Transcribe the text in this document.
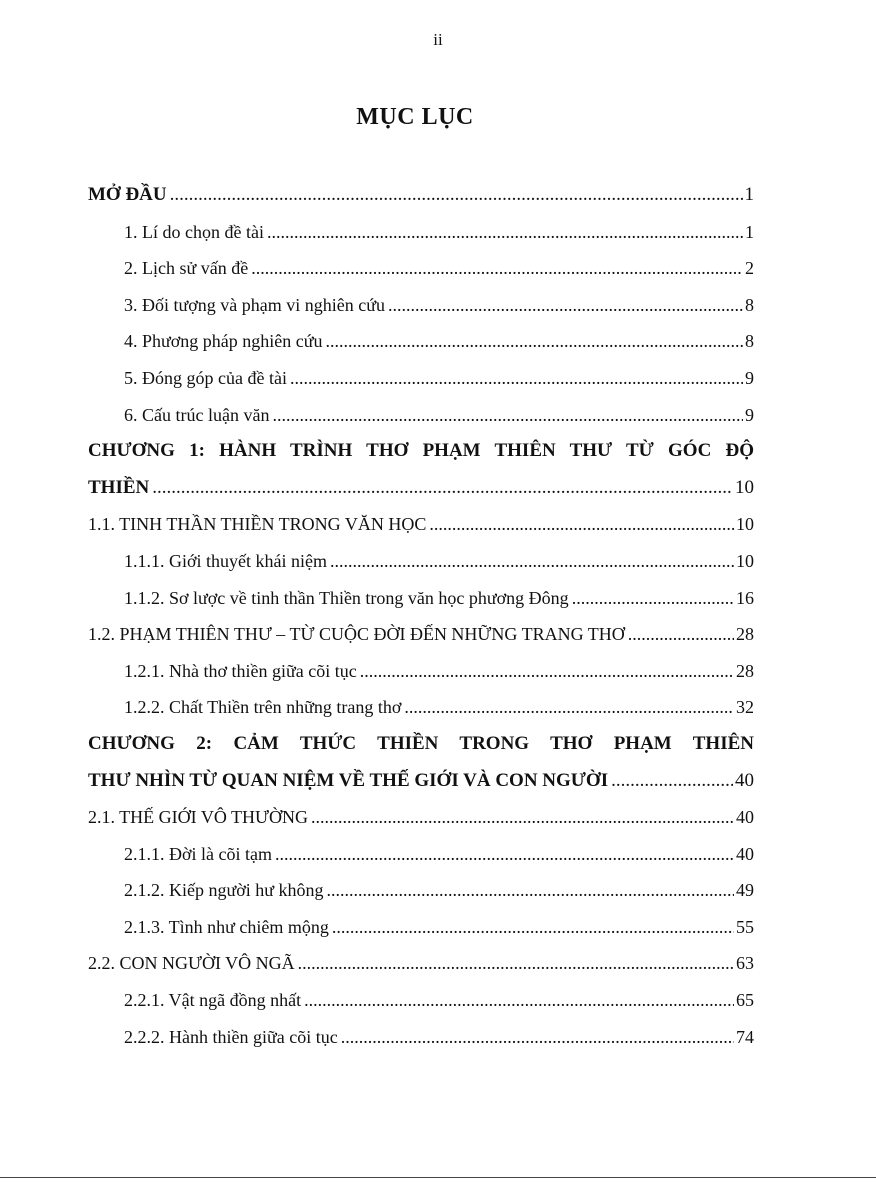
ii
MỤC LỤC
MỞ ĐẦU .....	1
1. Lí do chọn đề tài .....	1
2. Lịch sử vấn đề .....	2
3. Đối tượng và phạm vi nghiên cứu .....	8
4. Phương pháp nghiên cứu .....	8
5. Đóng góp của đề tài .....	9
6. Cấu trúc luận văn .....	9
CHƯƠNG 1: HÀNH TRÌNH THƠ PHẠM THIÊN THƯ TỪ GÓC ĐỘ
THIỀN .....	10
1.1. TINH THẦN THIỀN TRONG VĂN HỌC .....	10
1.1.1. Giới thuyết khái niệm .....	10
1.1.2. Sơ lược về tinh thần Thiền trong văn học phương Đông .....	16
1.2. PHẠM THIÊN THƯ – TỪ CUỘC ĐỜI ĐẾN NHỮNG TRANG THƠ .....	28
1.2.1. Nhà thơ thiền giữa cõi tục .....	28
1.2.2. Chất Thiền trên những trang thơ .....	32
CHƯƠNG 2: CẢM THỨC THIỀN TRONG THƠ PHẠM THIÊN
THƯ NHÌN TỪ QUAN NIỆM VỀ THẾ GIỚI VÀ CON NGƯỜI .....	40
2.1. THẾ GIỚI VÔ THƯỜNG .....	40
2.1.1. Đời là cõi tạm .....	40
2.1.2. Kiếp người hư không .....	49
2.1.3. Tình như chiêm mộng .....	55
2.2. CON NGƯỜI VÔ NGÃ .....	63
2.2.1. Vật ngã đồng nhất .....	65
2.2.2. Hành thiền giữa cõi tục .....	74
